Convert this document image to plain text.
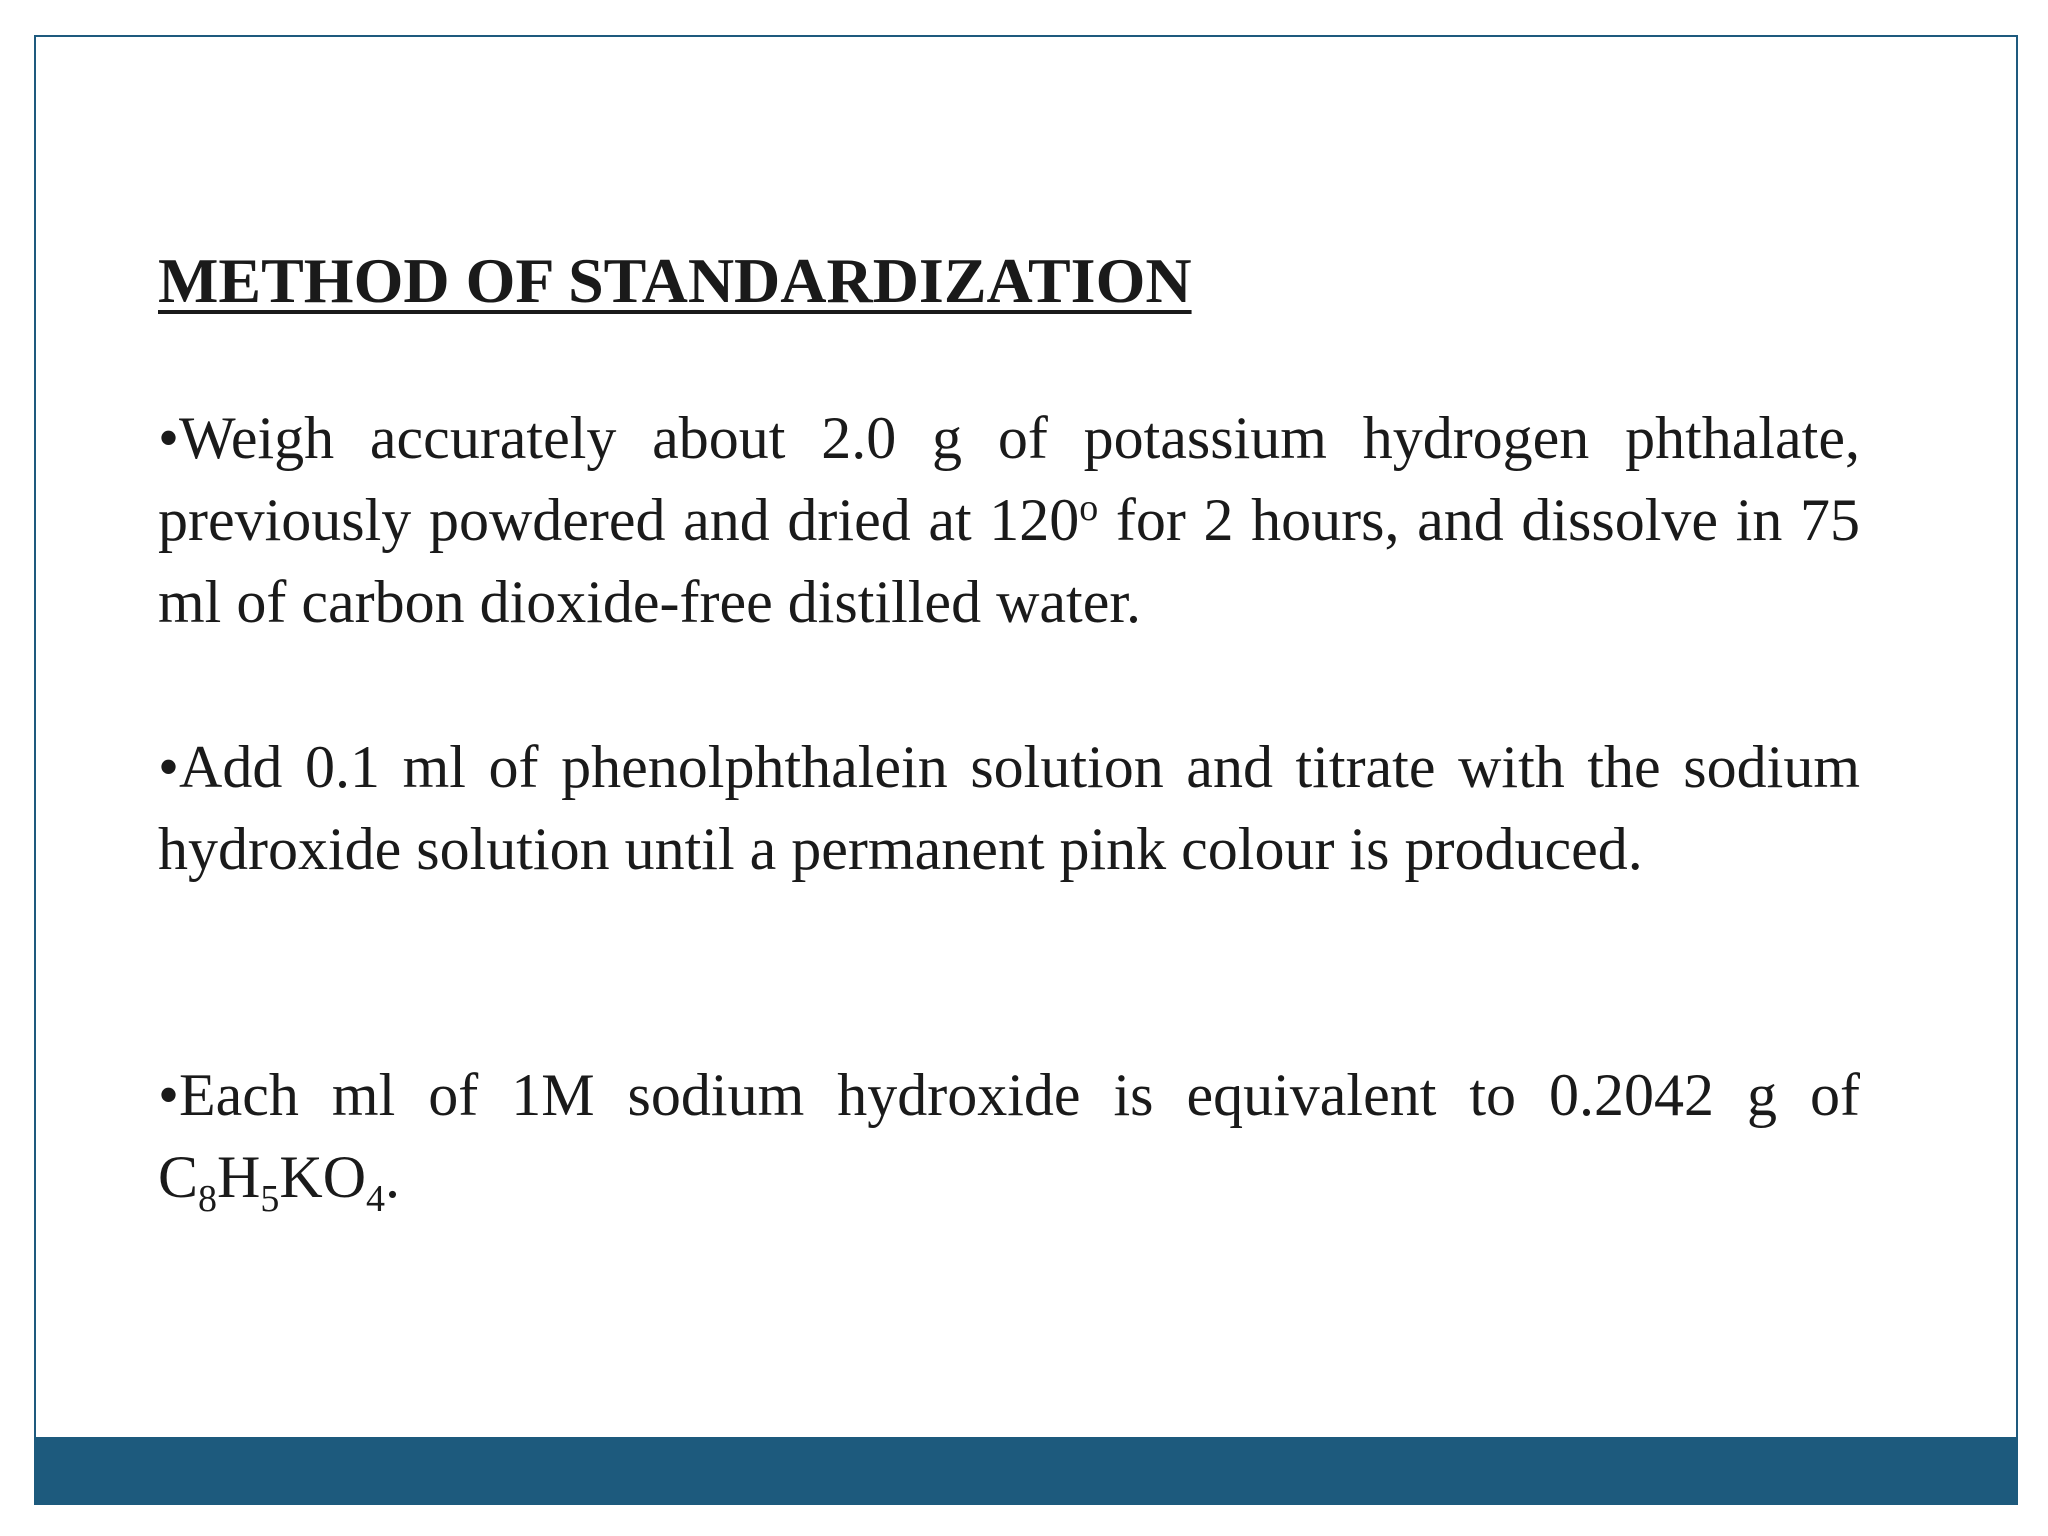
METHOD OF STANDARDIZATION

•Weigh accurately about 2.0 g of potassium hydrogen phthalate, previously powdered and dried at 120$^o$ for 2 hours, and dissolve in 75 ml of carbon dioxide-free distilled water.

•Add 0.1 ml of phenolphthalein solution and titrate with the sodium hydroxide solution until a permanent pink colour is produced.

•Each ml of 1M sodium hydroxide is equivalent to 0.2042 g of $C_8H_5KO_4$.
